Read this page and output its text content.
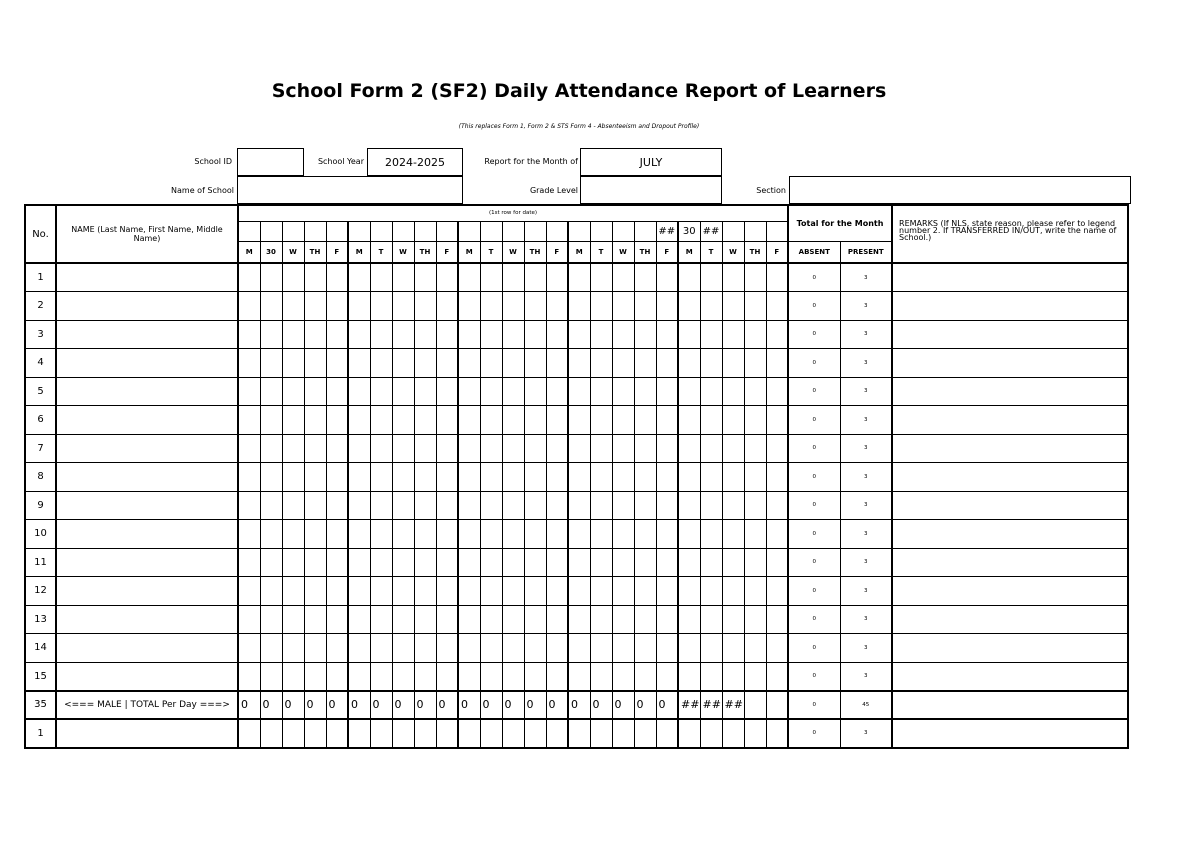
School Form 2 (SF2) Daily Attendance Report of Learners
(This replaces Form 1, Form 2 & STS Form 4 - Absenteeism and Dropout Profile)
School ID	School Year	2024-2025	Report for the Month of	JULY
Name of School	Grade Level	Section
No.	NAME (Last Name, First Name, Middle Name)	(1st row for date)																									Total for the Month		REMARKS (If NLS, state reason, please refer to legend number 2. If TRANSFERRED IN/OUT, write the name of School.)
																					##	30	##						
		M	30	W	TH	F	M	T	W	TH	F	M	T	W	TH	F	M	T	W	TH	F	M	T	W	TH	F	ABSENT	PRESENT	
1																											0	3	
2																											0	3	
3																											0	3	
4																											0	3	
5																											0	3	
6																											0	3	
7																											0	3	
8																											0	3	
9																											0	3	
10																											0	3	
11																											0	3	
12																											0	3	
13																											0	3	
14																											0	3	
15																											0	3	
35	<=== MALE | TOTAL Per Day ===>	0	0	0	0	0	0	0	0	0	0	0	0	0	0	0	0	0	0	0	0	##	##	##			0	45	
1																											0	3	
